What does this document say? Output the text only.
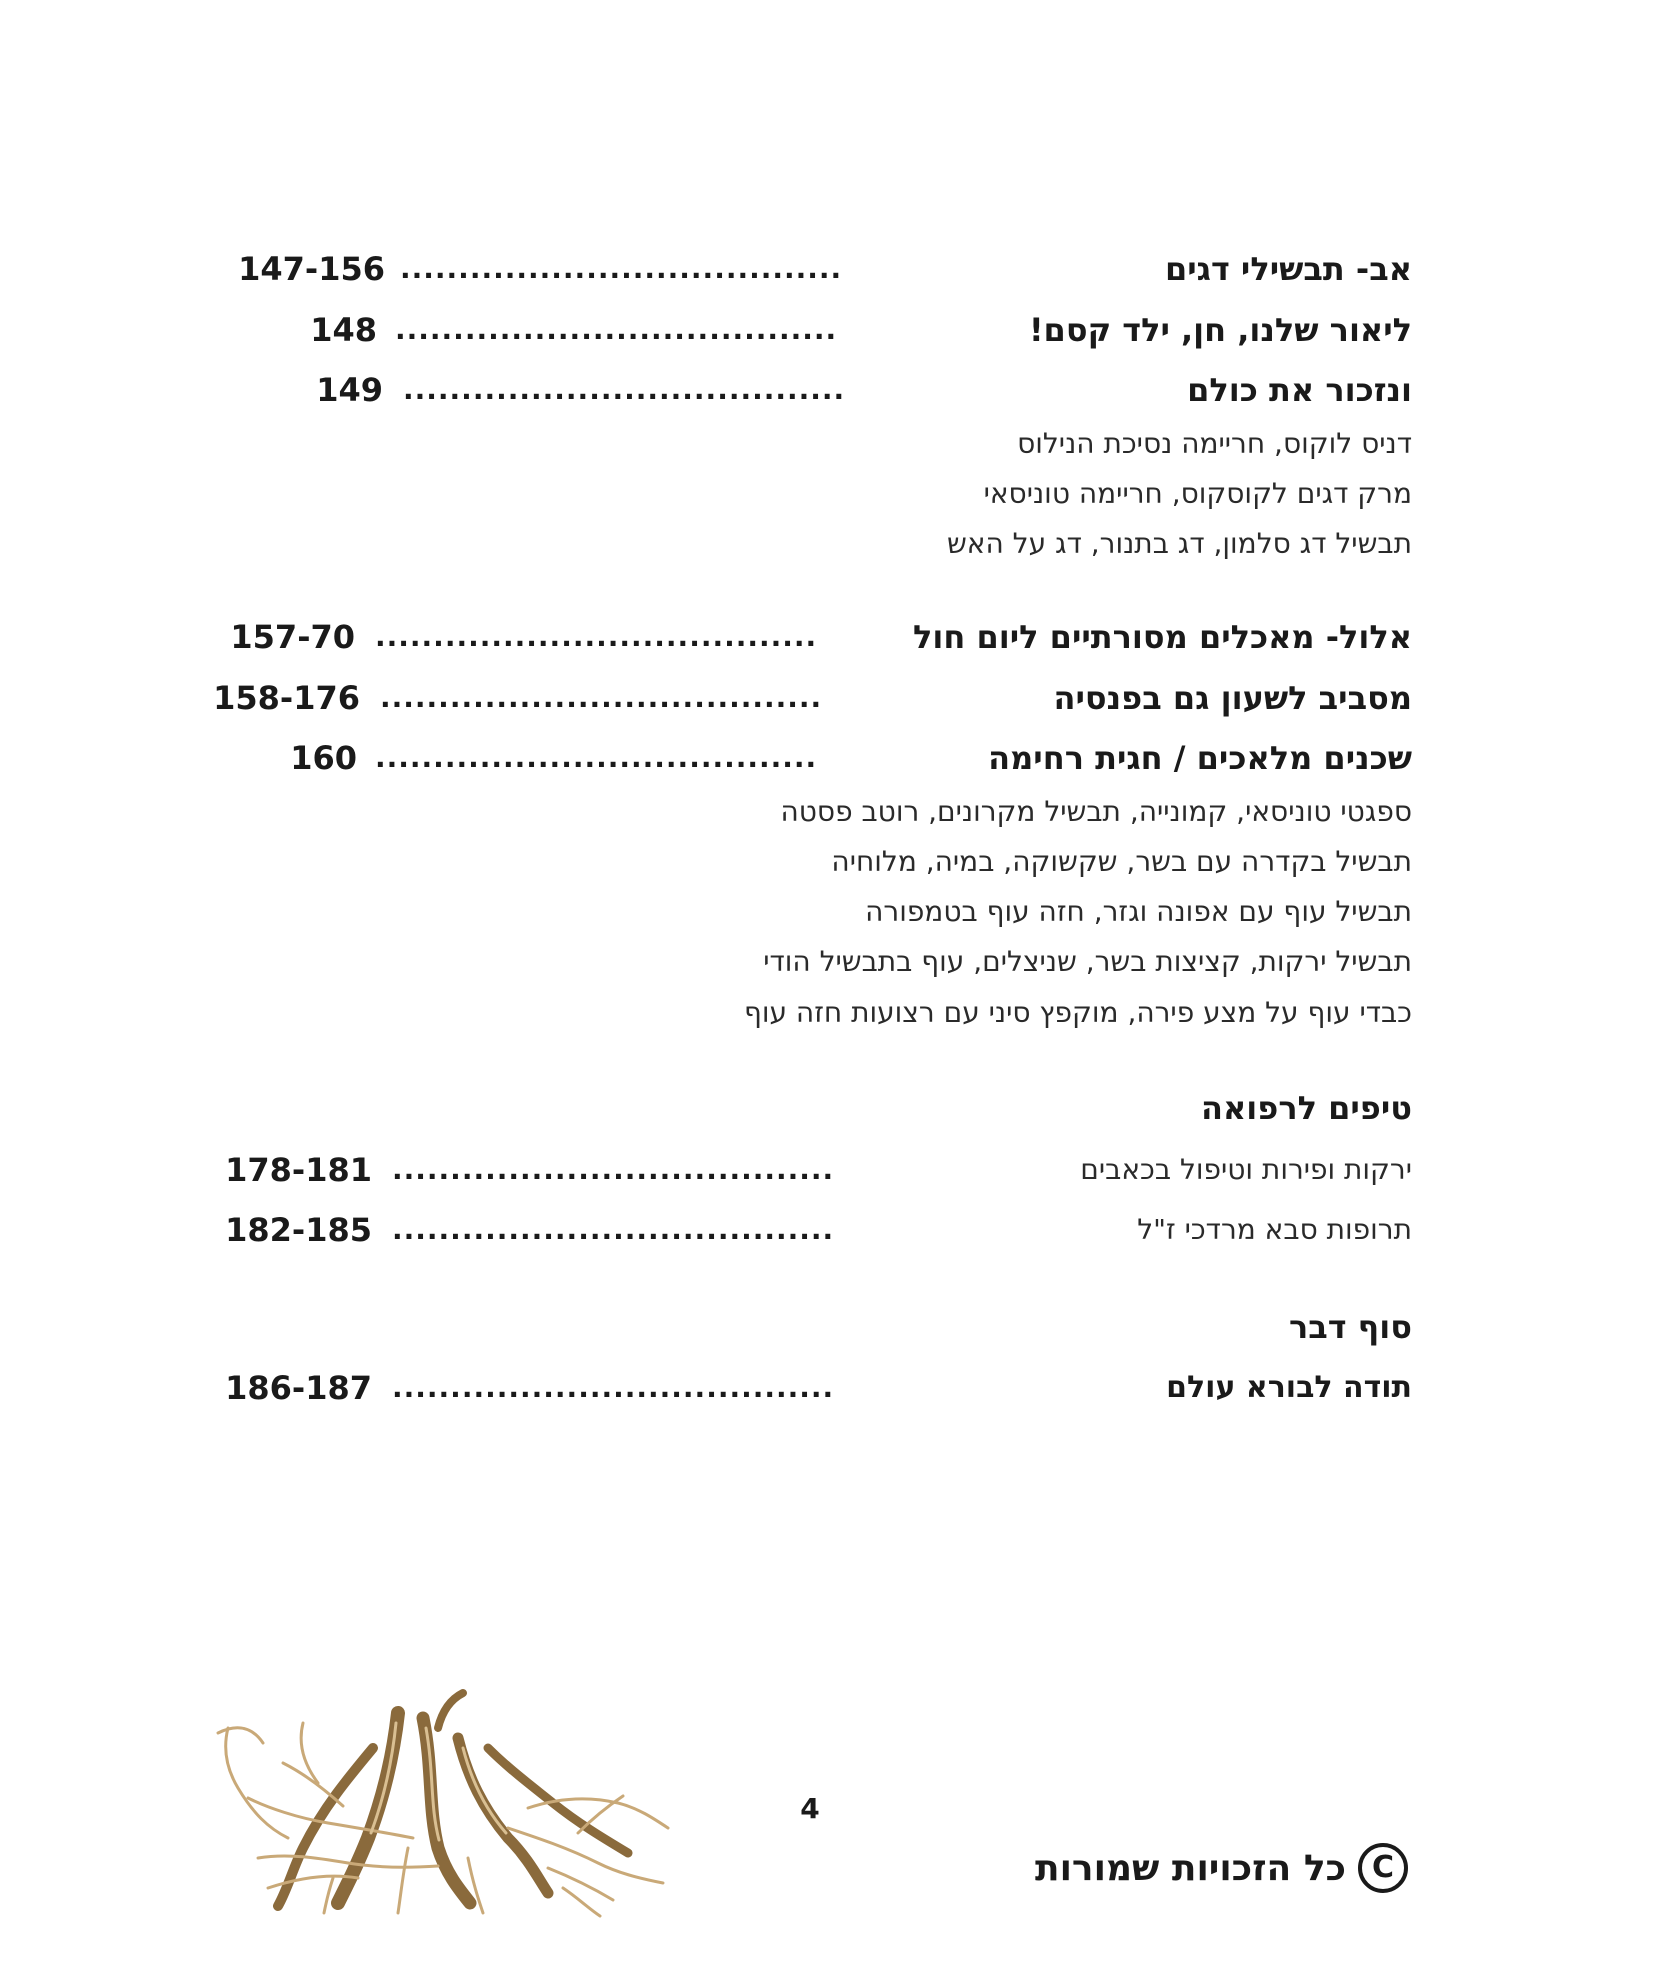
אב- תבשילי דגים
......................................
147-156
ליאור שלנו, חן, ילד קסם!
......................................
148
ונזכור את כולם
......................................
149
דניס לוקוס, חריימה נסיכת הנילוס
מרק דגים לקוסקוס, חריימה טוניסאי
תבשיל דג סלמון, דג בתנור, דג על האש
אלול- מאכלים מסורתיים ליום חול
......................................
157-70
מסביב לשעון גם בפנסיה
......................................
158-176
שכנים מלאכים / חגית רחימה
......................................
160
ספגטי טוניסאי, קמונייה, תבשיל מקרונים, רוטב פסטה
תבשיל בקדרה עם בשר, שקשוקה, במיה, מלוחיה
תבשיל עוף עם אפונה וגזר, חזה עוף בטמפורה
תבשיל ירקות, קציצות בשר, שניצלים, עוף בתבשיל הודי
כבדי עוף על מצע פירה, מוקפץ סיני עם רצועות חזה עוף
טיפים לרפואה
ירקות ופירות וטיפול בכאבים
......................................
178-181
תרופות סבא מרדכי ז"ל
......................................
182-185
סוף דבר
תודה לבורא עולם
......................................
186-187
4
C
כל הזכויות שמורות
